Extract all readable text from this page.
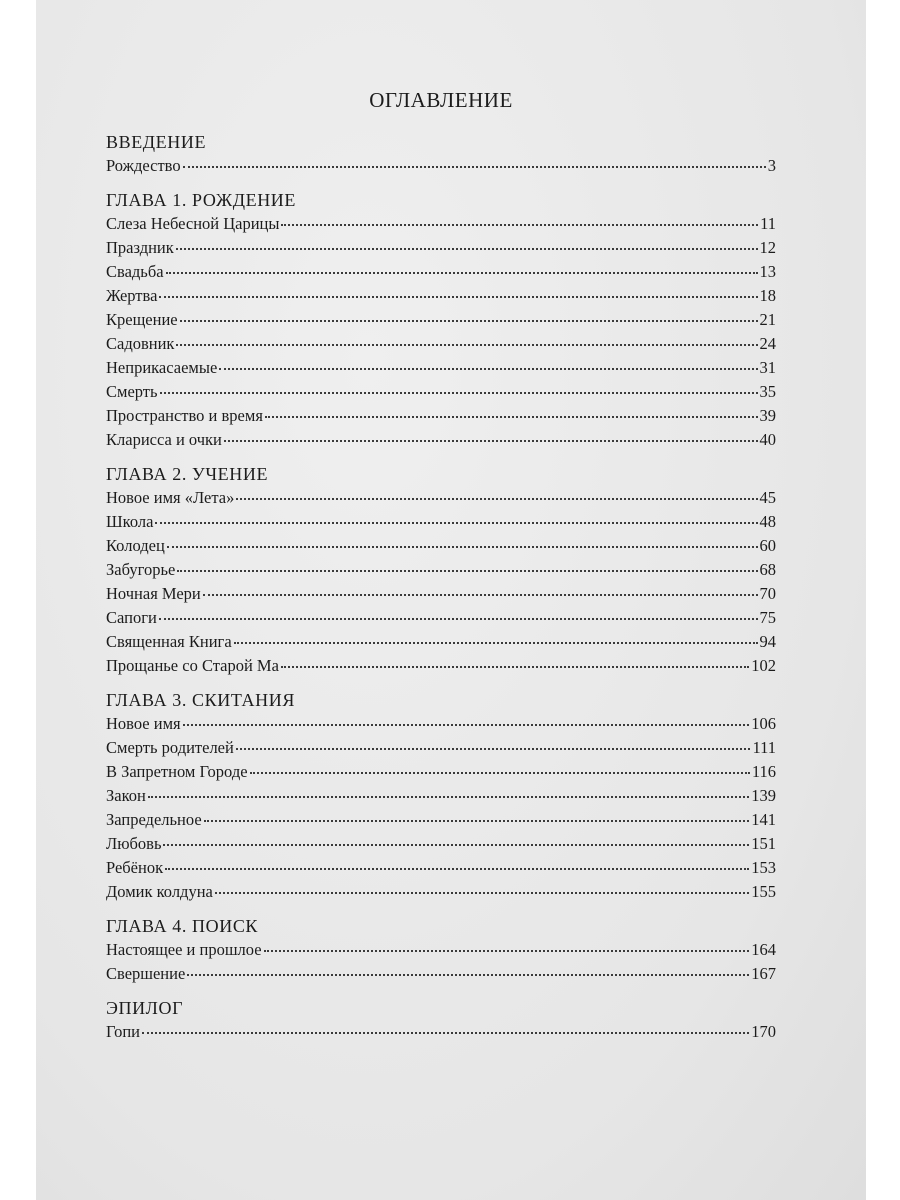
ОГЛАВЛЕНИЕ
ВВЕДЕНИЕ
Рождество	3
ГЛАВА 1. РОЖДЕНИЕ
Слеза Небесной Царицы	11
Праздник	12
Свадьба	13
Жертва	18
Крещение	21
Садовник	24
Неприкасаемые	31
Смерть	35
Пространство и время	39
Кларисса и очки	40
ГЛАВА 2. УЧЕНИЕ
Новое имя «Лета»	45
Школа	48
Колодец	60
Забугорье	68
Ночная Мери	70
Сапоги	75
Священная Книга	94
Прощанье со Старой Ма	102
ГЛАВА 3. СКИТАНИЯ
Новое имя	106
Смерть родителей	111
В Запретном Городе	116
Закон	139
Запредельное	141
Любовь	151
Ребёнок	153
Домик колдуна	155
ГЛАВА 4. ПОИСК
Настоящее и прошлое	164
Свершение	167
ЭПИЛОГ
Гопи	170
